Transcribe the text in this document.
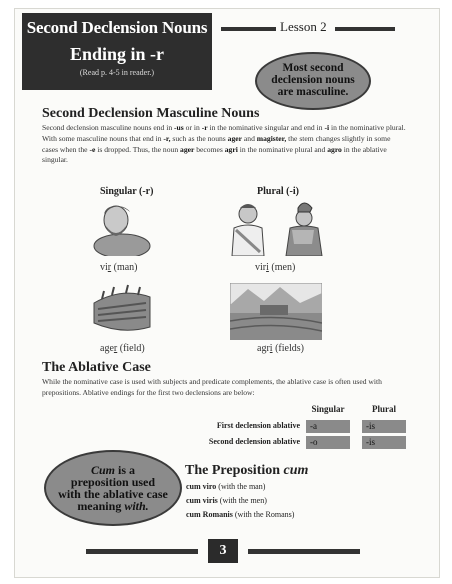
Second Declension Nouns
Ending in -r
(Read p. 4-5 in reader.)
Lesson 2
Most second
declension nouns
are masculine.
Second Declension Masculine Nouns
Second declension masculine nouns end in -us or in -r in the nominative singular and end in -i in the nominative plural. With some masculine nouns that end in -r, such as the nouns ager and magister, the stem changes slightly in some cases when the -e is dropped. Thus, the noun ager becomes agri in the nominative plural and agro in the ablative singular.
Singular (-r)	Plural (-i)
vir (man)	viri (men)
ager (field)	agri (fields)
The Ablative Case
While the nominative case is used with subjects and predicate complements, the ablative case is often used with prepositions. Ablative endings for the first two declensions are below:
Singular	Plural
First declension ablative	-a	-is
Second declension ablative	-o	-is
Cum is a
preposition used
with the ablative case
meaning with.
The Preposition cum
cum viro (with the man)
cum viris (with the men)
cum Romanis (with the Romans)
3
